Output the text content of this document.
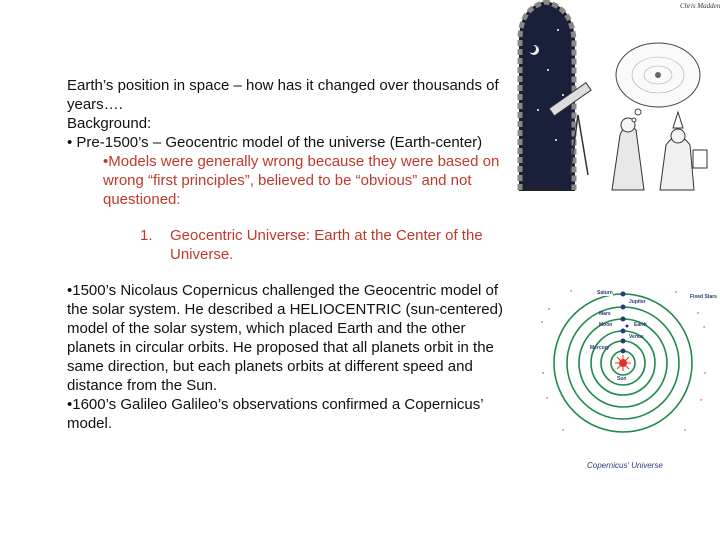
Earth’s position in space – how has it changed over thousands of years….

Background:

• Pre-1500’s – Geocentric model of the universe (Earth-center)

•Models were generally wrong because they were based on wrong “first principles”, believed to be “obvious” and not questioned:

1.	Geocentric Universe: Earth at the Center of the Universe.

•1500’s Nicolaus Copernicus challenged the Geocentric model of the solar system. He described a HELIOCENTRIC (sun-centered) model of the solar system, which placed Earth and the other planets in circular orbits. He proposed that all planets orbit in the same direction, but each planets orbits at different speed and distance from the Sun.

•1600’s Galileo Galileo’s observations confirmed a Copernicus’ model.

Chris Madden
Saturn
Jupiter
Mars
Moon	Earth
Venus
Mercury
Sun
Fixed Stars
*	*
*
*
*
*
*	*
*	*
*	*
Copernicus' Universe
